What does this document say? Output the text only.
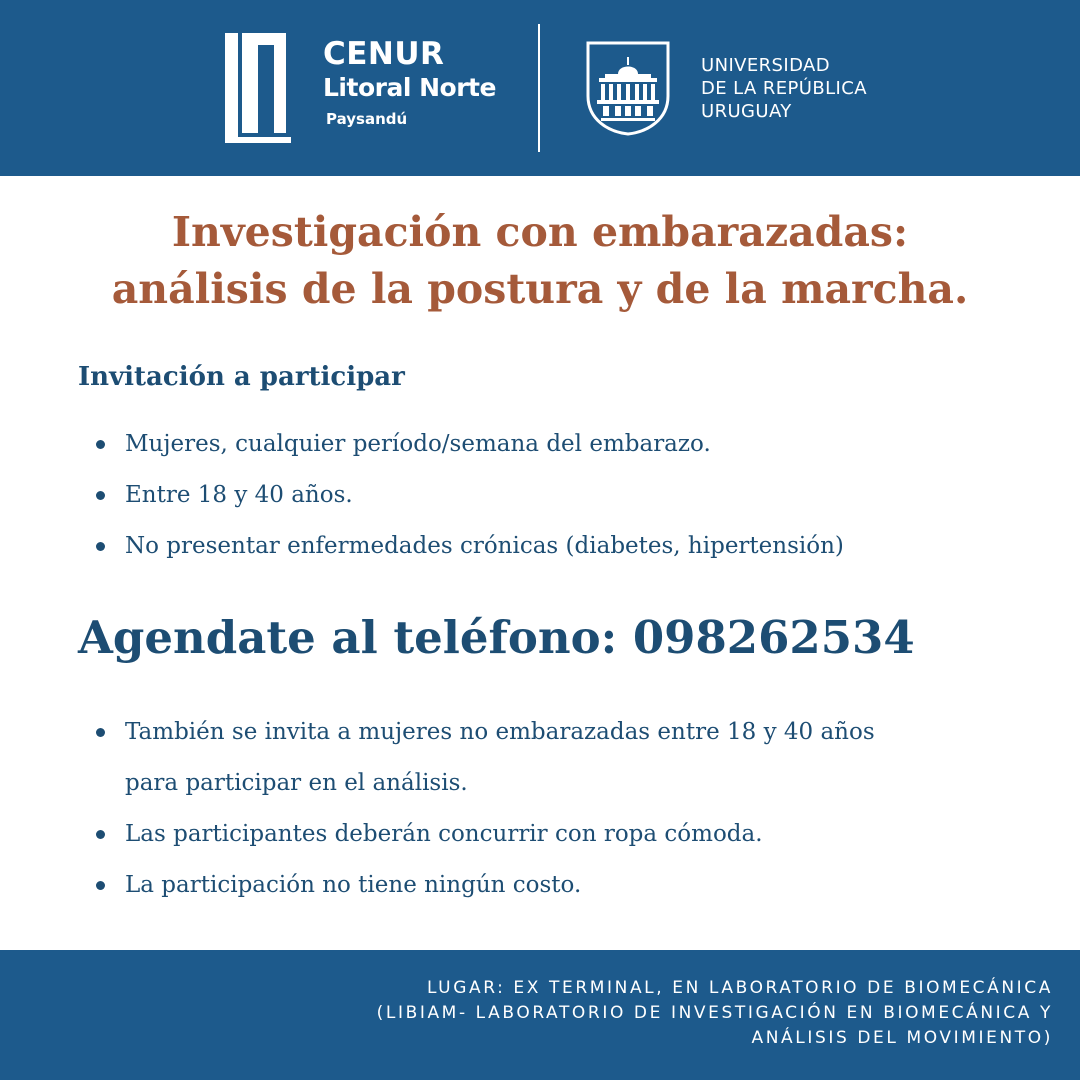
CENUR
Litoral Norte
Paysandú
UNIVERSIDAD
DE LA REPÚBLICA
URUGUAY
Investigación con embarazadas:
análisis de la postura y de la marcha.
Invitación a participar
Mujeres, cualquier período/semana del embarazo.
Entre 18 y 40 años.
No presentar enfermedades crónicas (diabetes, hipertensión)
Agendate al teléfono: 098262534
También se invita a mujeres no embarazadas entre 18 y 40 años
para participar en el análisis.
Las participantes deberán concurrir con ropa cómoda.
La participación no tiene ningún costo.
LUGAR: EX TERMINAL, EN LABORATORIO DE BIOMECÁNICA
(LIBIAM- LABORATORIO DE INVESTIGACIÓN EN BIOMECÁNICA Y
ANÁLISIS DEL MOVIMIENTO)
